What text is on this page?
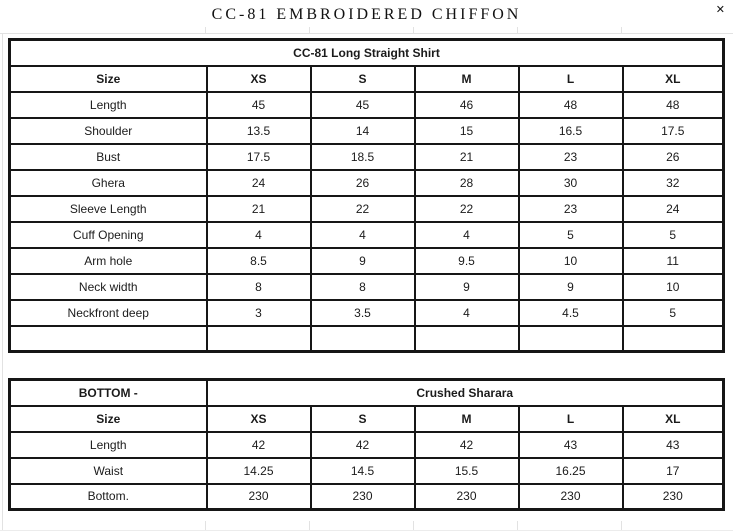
CC-81 EMBROIDERED CHIFFON	✕
CC-81 Long Straight Shirt					
Size	XS	S	M	L	XL
Length	45	45	46	48	48
Shoulder	13.5	14	15	16.5	17.5
Bust	17.5	18.5	21	23	26
Ghera	24	26	28	30	32
Sleeve Length	21	22	22	23	24
Cuff Opening	4	4	4	5	5
Arm hole	8.5	9	9.5	10	11
Neck width	8	8	9	9	10
Neckfront deep	3	3.5	4	4.5	5

BOTTOM -	Crushed Sharara				
Size	XS	S	M	L	XL
Length	42	42	42	43	43
Waist	14.25	14.5	15.5	16.25	17
Bottom.	230	230	230	230	230
